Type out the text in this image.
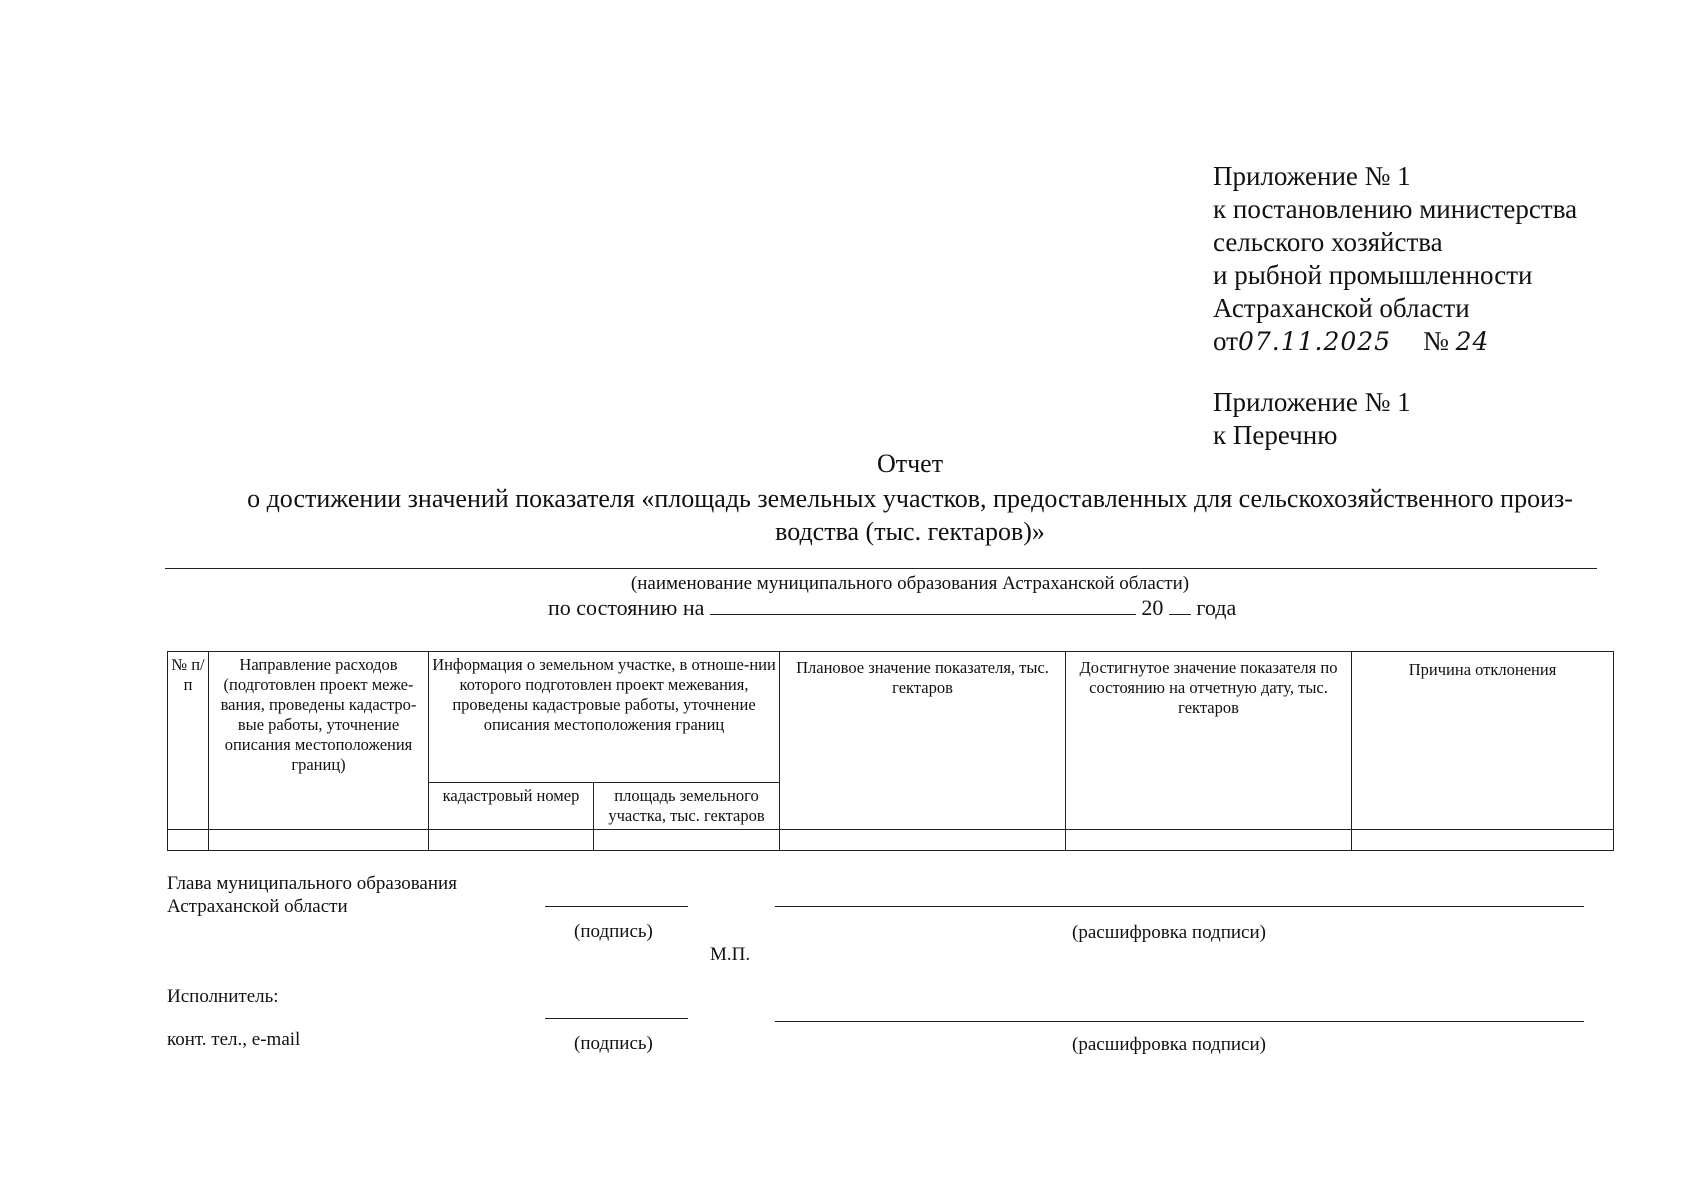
Приложение № 1
к постановлению министерства
сельского хозяйства
и рыбной промышленности
Астраханской области
от07.11.2025 № 24
Приложение № 1
к Перечню
Отчет
о достижении значений показателя «площадь земельных участков, предоставленных для сельскохозяйственного произ-
водства (тыс. гектаров)»
(наименование муниципального образования Астраханской области)
по состоянию на	20 года
№ п/п	Направление расходов (подготовлен проект меже-вания, проведены кадастро-вые работы, уточнение описания местоположения границ)	Информация о земельном участке, в отноше-нии которого подготовлен проект межевания, проведены кадастровые работы, уточнение описания местоположения границ		Плановое значение показателя, тыс. гектаров	Достигнутое значение показателя по состоянию на отчетную дату, тыс. гектаров	Причина отклонения
		кадастровый номер	площадь земельного участка, тыс. гектаров			

Глава муниципального образования
Астраханской области
(подпись)	(расшифровка подписи)
М.П.
Исполнитель:
конт. тел., e-mail	(подпись)	(расшифровка подписи)
